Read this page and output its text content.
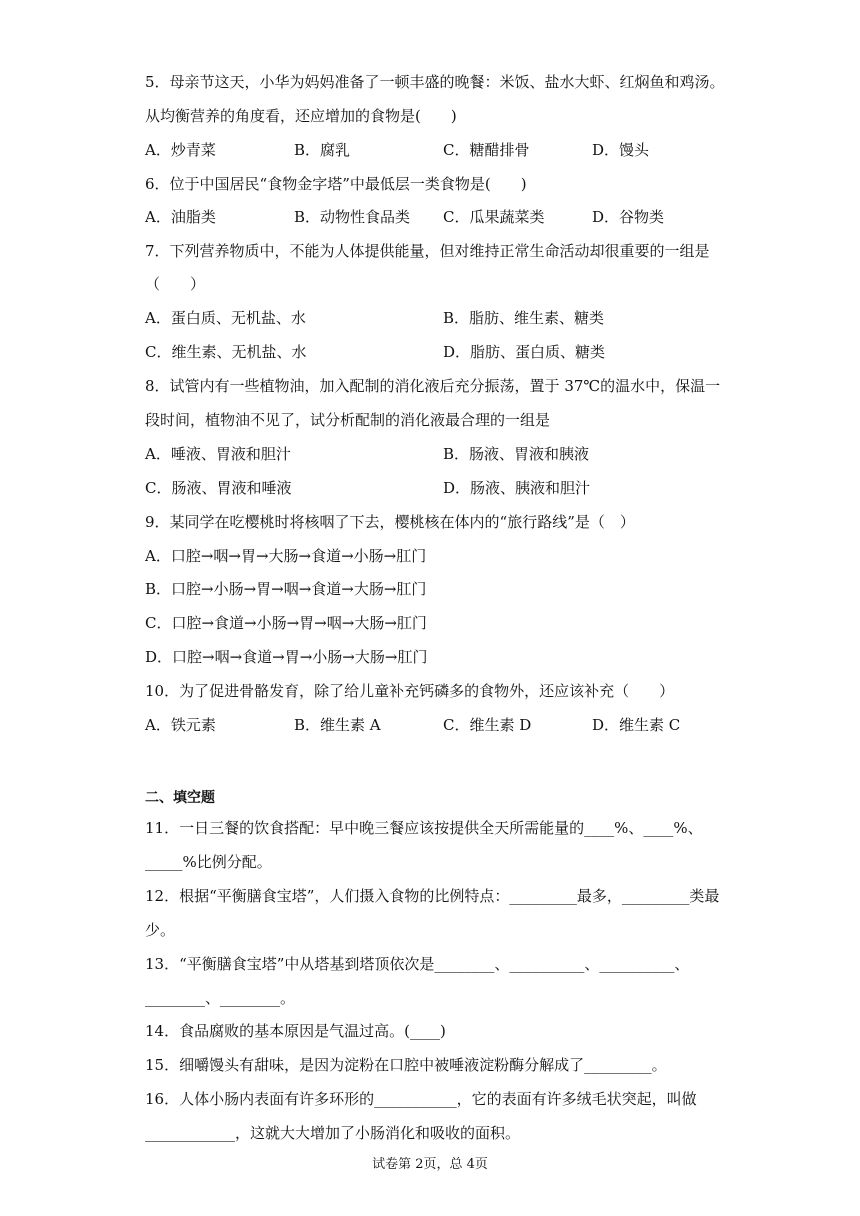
5．母亲节这天，小华为妈妈准备了一顿丰盛的晚餐：米饭、盐水大虾、红焖鱼和鸡汤。
从均衡营养的角度看，还应增加的食物是(　　)
A．炒青菜	B．腐乳	C．糖醋排骨	D．馒头
6．位于中国居民“食物金字塔”中最低层一类食物是(　　)
A．油脂类	B．动物性食品类 C．瓜果蔬菜类	D．谷物类
7．下列营养物质中，不能为人体提供能量，但对维持正常生命活动却很重要的一组是
（　　）
A．蛋白质、无机盐、水	B．脂肪、维生素、糖类
C．维生素、无机盐、水	D．脂肪、蛋白质、糖类
8．试管内有一些植物油，加入配制的消化液后充分振荡，置于 37℃的温水中，保温一
段时间，植物油不见了，试分析配制的消化液最合理的一组是
A．唾液、胃液和胆汁	B．肠液、胃液和胰液
C．肠液、胃液和唾液	D．肠液、胰液和胆汁
9．某同学在吃樱桃时将核咽了下去，樱桃核在体内的“旅行路线”是（　）
A．口腔→咽→胃→大肠→食道→小肠→肛门
B．口腔→小肠→胃→咽→食道→大肠→肛门
C．口腔→食道→小肠→胃→咽→大肠→肛门
D．口腔→咽→食道→胃→小肠→大肠→肛门
10．为了促进骨骼发育，除了给儿童补充钙磷多的食物外，还应该补充（　　）
A．铁元素	B．维生素 A	C．维生素 D	D．维生素 C
二、填空题
11．一日三餐的饮食搭配：早中晚三餐应该按提供全天所需能量的____%、____%、
_____%比例分配。
12．根据“平衡膳食宝塔”，人们摄入食物的比例特点：_________最多，_________类最
少。
13．“平衡膳食宝塔”中从塔基到塔顶依次是________、__________、__________、
________、________。
14．食品腐败的基本原因是气温过高。(____)
15．细嚼馒头有甜味，是因为淀粉在口腔中被唾液淀粉酶分解成了_________。
16．人体小肠内表面有许多环形的___________，它的表面有许多绒毛状突起，叫做
____________，这就大大增加了小肠消化和吸收的面积。
试卷第 2页，总 4页
